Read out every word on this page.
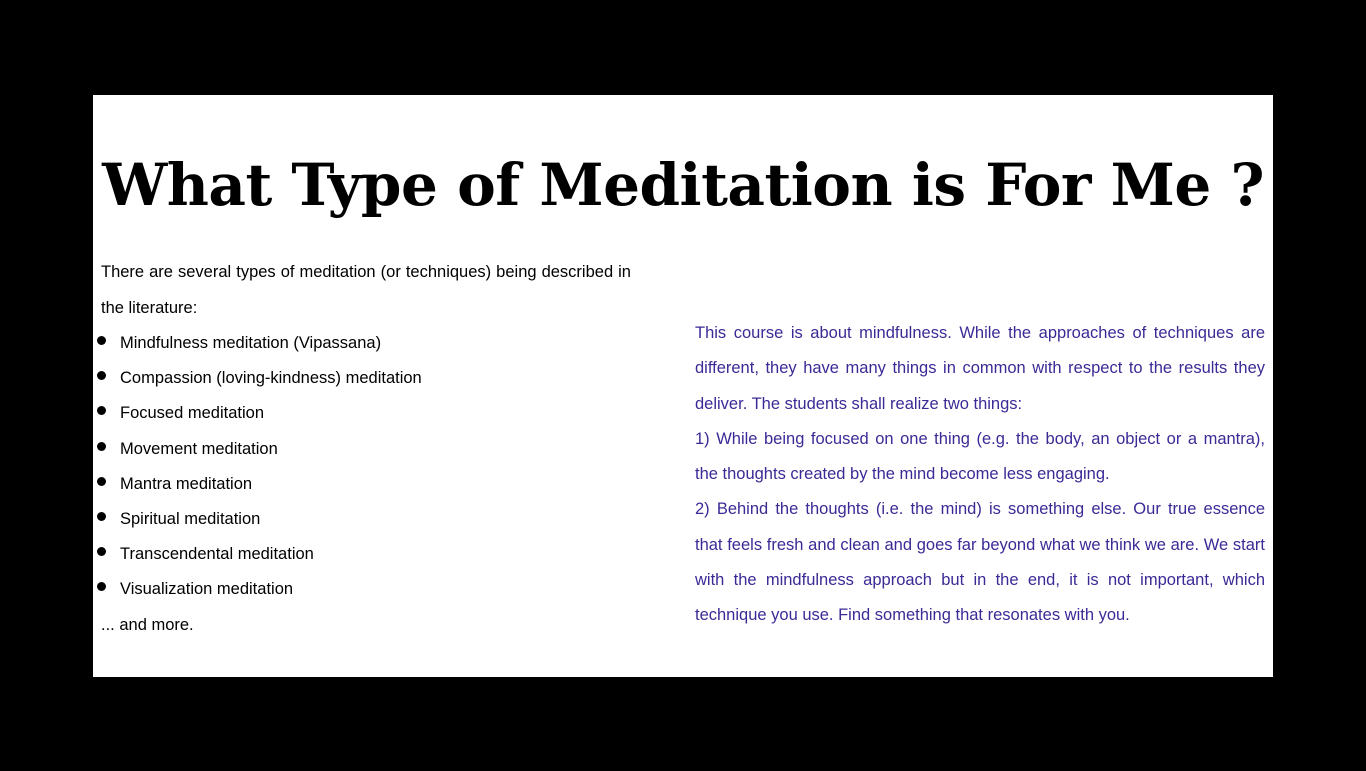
What Type of Meditation is For Me ?

There are several types of meditation (or techniques) being described in the literature:

Mindfulness meditation (Vipassana)
Compassion (loving-kindness) meditation
Focused meditation
Movement meditation
Mantra meditation
Spiritual meditation
Transcendental meditation
Visualization meditation

... and more.

This course is about mindfulness. While the approaches of techniques are different, they have many things in common with respect to the results they deliver. The students shall realize two things:

1) While being focused on one thing (e.g. the body, an object or a mantra), the thoughts created by the mind become less engaging.

2) Behind the thoughts (i.e. the mind) is something else. Our true essence that feels fresh and clean and goes far beyond what we think we are. We start with the mindfulness approach but in the end, it is not important, which technique you use. Find something that resonates with you.
